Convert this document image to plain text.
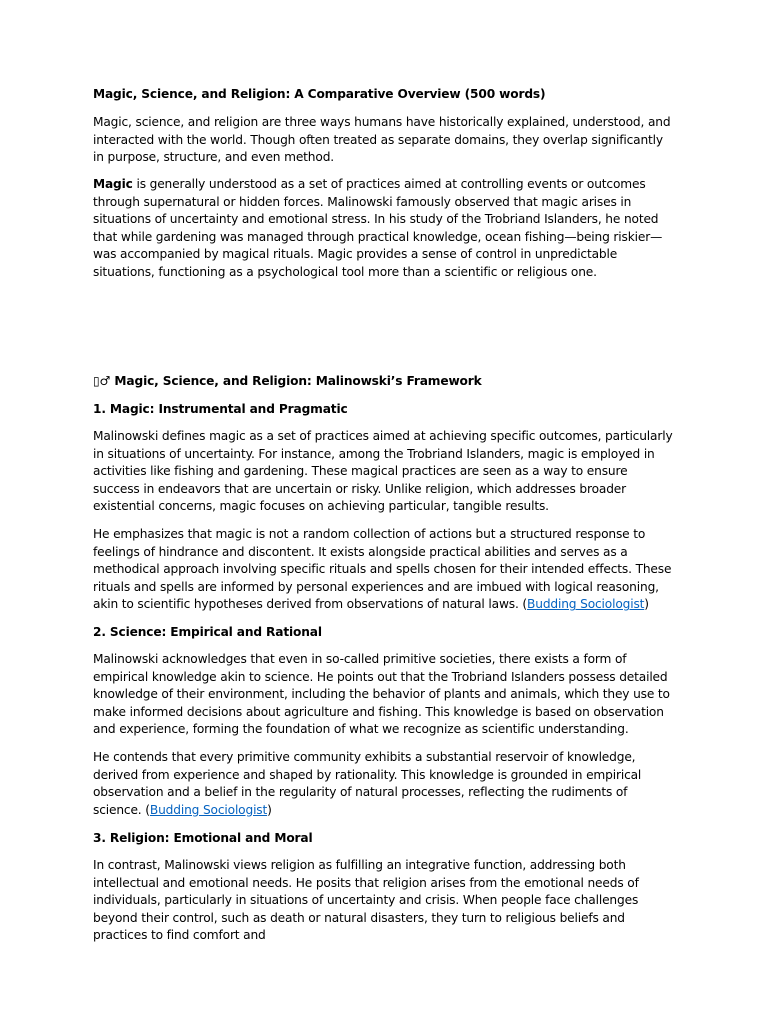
Magic, Science, and Religion: A Comparative Overview (500 words)

Magic, science, and religion are three ways humans have historically explained, understood, and interacted with the world. Though often treated as separate domains, they overlap significantly in purpose, structure, and even method.

Magic is generally understood as a set of practices aimed at controlling events or outcomes through supernatural or hidden forces. Malinowski famously observed that magic arises in situations of uncertainty and emotional stress. In his study of the Trobriand Islanders, he noted that while gardening was managed through practical knowledge, ocean fishing—being riskier—was accompanied by magical rituals. Magic provides a sense of control in unpredictable situations, functioning as a psychological tool more than a scientific or religious one.

▯♂ Magic, Science, and Religion: Malinowski’s Framework

1. Magic: Instrumental and Pragmatic

Malinowski defines magic as a set of practices aimed at achieving specific outcomes, particularly in situations of uncertainty. For instance, among the Trobriand Islanders, magic is employed in activities like fishing and gardening. These magical practices are seen as a way to ensure success in endeavors that are uncertain or risky. Unlike religion, which addresses broader existential concerns, magic focuses on achieving particular, tangible results.

He emphasizes that magic is not a random collection of actions but a structured response to feelings of hindrance and discontent. It exists alongside practical abilities and serves as a methodical approach involving specific rituals and spells chosen for their intended effects. These rituals and spells are informed by personal experiences and are imbued with logical reasoning, akin to scientific hypotheses derived from observations of natural laws. (Budding Sociologist)

2. Science: Empirical and Rational

Malinowski acknowledges that even in so-called primitive societies, there exists a form of empirical knowledge akin to science. He points out that the Trobriand Islanders possess detailed knowledge of their environment, including the behavior of plants and animals, which they use to make informed decisions about agriculture and fishing. This knowledge is based on observation and experience, forming the foundation of what we recognize as scientific understanding.

He contends that every primitive community exhibits a substantial reservoir of knowledge, derived from experience and shaped by rationality. This knowledge is grounded in empirical observation and a belief in the regularity of natural processes, reflecting the rudiments of science. (Budding Sociologist)

3. Religion: Emotional and Moral

In contrast, Malinowski views religion as fulfilling an integrative function, addressing both intellectual and emotional needs. He posits that religion arises from the emotional needs of individuals, particularly in situations of uncertainty and crisis. When people face challenges beyond their control, such as death or natural disasters, they turn to religious beliefs and practices to find comfort and
